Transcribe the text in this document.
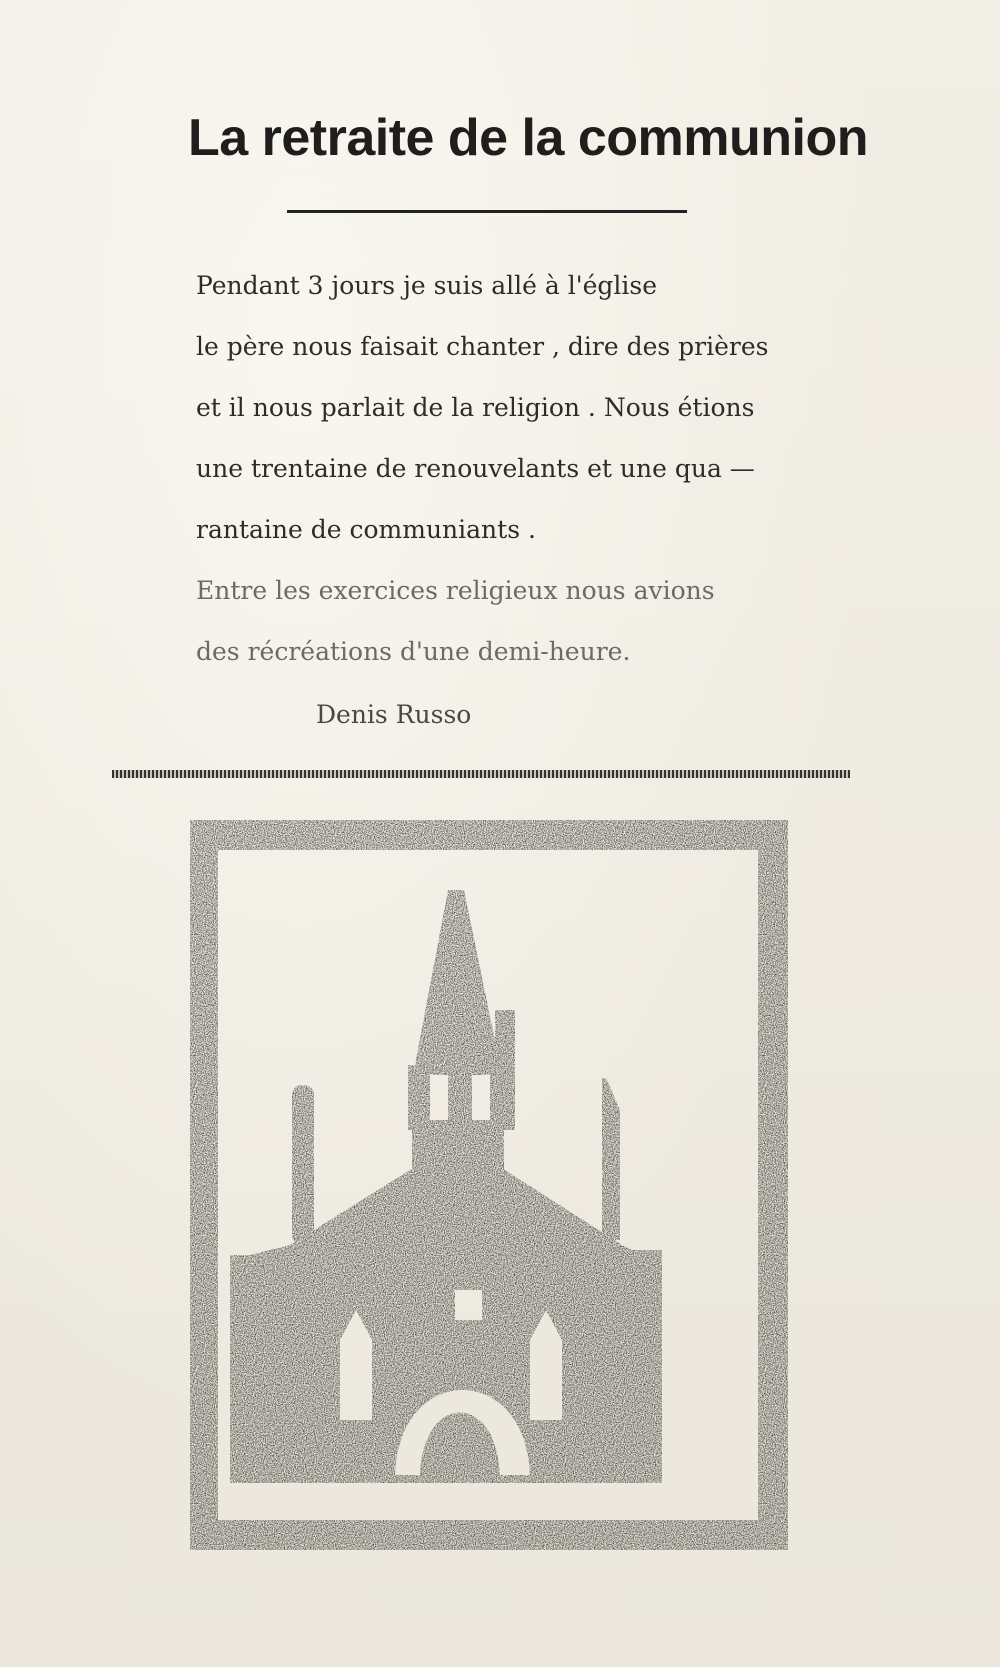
La retraite de la communion
Pendant 3 jours je suis allé à l'église
le père nous faisait chanter , dire des prières
et il nous parlait de la religion . Nous étions
une trentaine de renouvelants et une qua —
rantaine de communiants .
Entre les exercices religieux nous avions
des récréations d'une demi-heure.
Denis Russo
